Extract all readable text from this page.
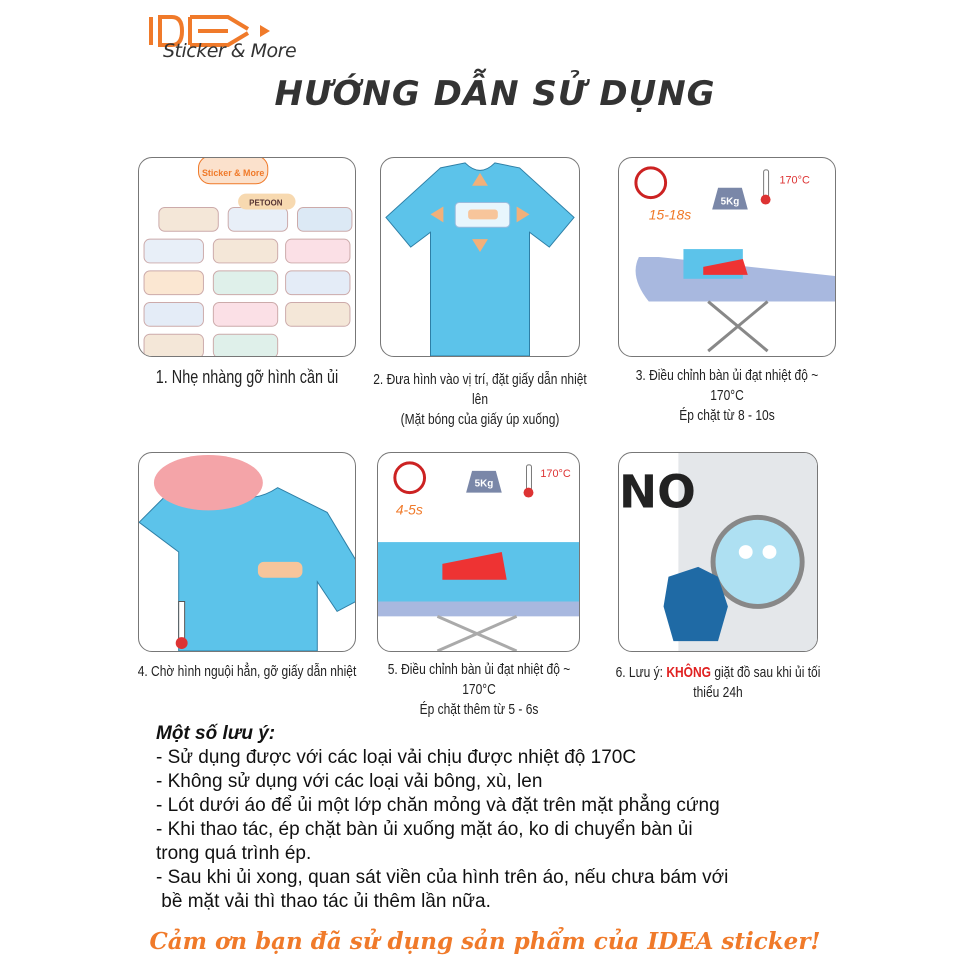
Sticker & More
HƯỚNG DẪN SỬ DỤNG
Sticker & More
PETOON
1. Nhẹ nhàng gỡ hình cần ủi	2. Đưa hình vào vị trí, đặt giấy dẫn nhiệt lên
(Mặt bóng của giấy úp xuống)
15-18s
5Kg
170°C
3. Điều chỉnh bàn ủi đạt nhiệt độ ~ 170°C
Ép chặt từ 8 - 10s
4. Chờ hình nguội hẳn, gỡ giấy dẫn nhiệt
4-5s
5Kg
170°C
5. Điều chỉnh bàn ủi đạt nhiệt độ ~ 170°C
Ép chặt thêm từ 5 - 6s
NO
6. Lưu ý: KHÔNG giặt đồ sau khi ủi tối thiểu 24h
Một số lưu ý:
- Sử dụng được với các loại vải chịu được nhiệt độ 170C
- Không sử dụng với các loại vải bông, xù, len
- Lót dưới áo để ủi một lớp chăn mỏng và đặt trên mặt phẳng cứng
- Khi thao tác, ép chặt bàn ủi xuống mặt áo, ko di chuyển bàn ủi
trong quá trình ép.
- Sau khi ủi xong, quan sát viền của hình trên áo, nếu chưa bám với
bề mặt vải thì thao tác ủi thêm lần nữa.
Cảm ơn bạn đã sử dụng sản phẩm của IDEA sticker!
